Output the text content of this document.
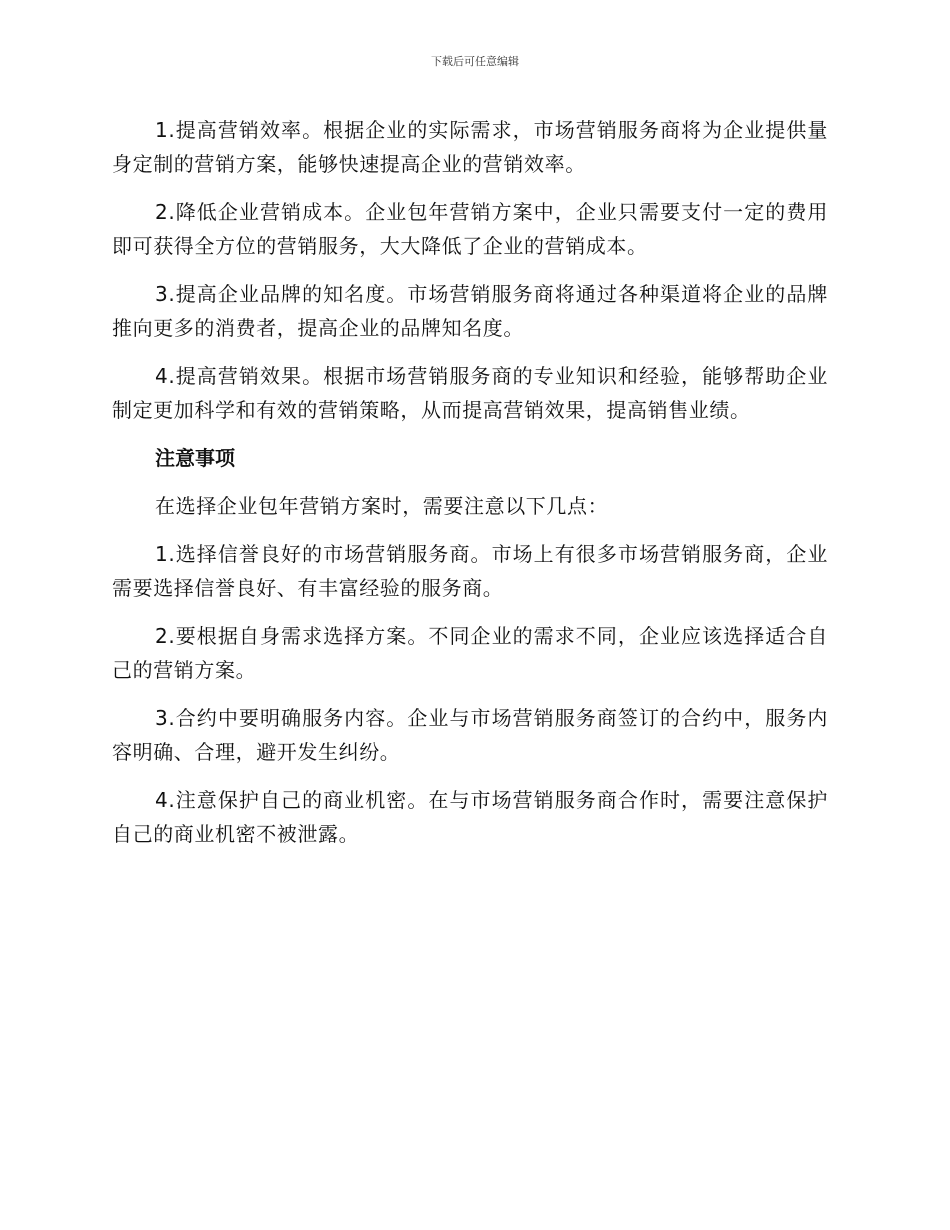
下载后可任意编辑

1.提高营销效率。根据企业的实际需求，市场营销服务商将为企业提供量身定制的营销方案，能够快速提高企业的营销效率。

2.降低企业营销成本。企业包年营销方案中，企业只需要支付一定的费用即可获得全方位的营销服务，大大降低了企业的营销成本。

3.提高企业品牌的知名度。市场营销服务商将通过各种渠道将企业的品牌推向更多的消费者，提高企业的品牌知名度。

4.提高营销效果。根据市场营销服务商的专业知识和经验，能够帮助企业制定更加科学和有效的营销策略，从而提高营销效果，提高销售业绩。

注意事项

在选择企业包年营销方案时，需要注意以下几点：

1.选择信誉良好的市场营销服务商。市场上有很多市场营销服务商，企业需要选择信誉良好、有丰富经验的服务商。

2.要根据自身需求选择方案。不同企业的需求不同，企业应该选择适合自己的营销方案。

3.合约中要明确服务内容。企业与市场营销服务商签订的合约中，服务内容明确、合理，避开发生纠纷。

4.注意保护自己的商业机密。在与市场营销服务商合作时，需要注意保护自己的商业机密不被泄露。
